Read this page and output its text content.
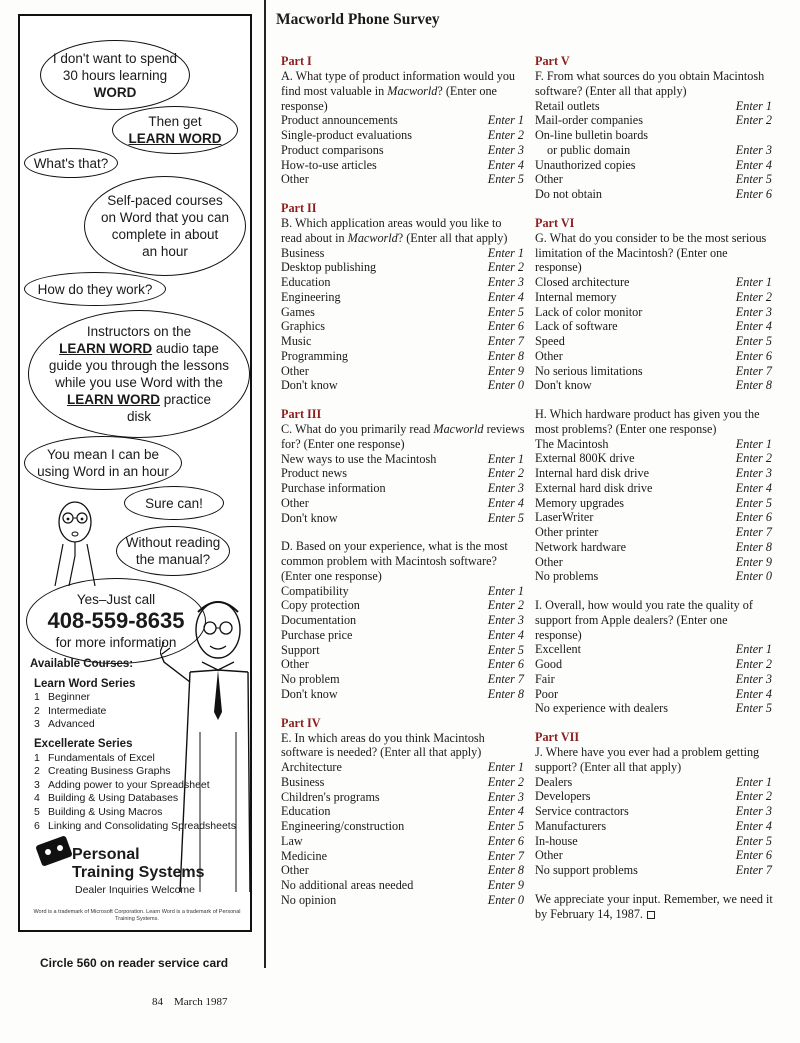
I don't want to spend
30 hours learning
WORD
Then get
LEARN WORD
What's that?
Self-paced courses
on Word that you can
complete in about
an hour
How do they work?
Instructors on the
LEARN WORD audio tape
guide you through the lessons
while you use Word with the
LEARN WORD practice
disk
You mean I can be
using Word in an hour
Sure can!
Without reading
the manual?
Yes–Just call
408-559-8635
for more information
Available Courses:
Learn Word Series
1 Beginner
2 Intermediate
3 Advanced
Excellerate Series
1 Fundamentals of Excel
2 Creating Business Graphs
3 Adding power to your Spreadsheet
4 Building & Using Databases
5 Building & Using Macros
6 Linking and Consolidating Spreadsheets
Personal
Training Systems
Dealer Inquiries Welcome
Word is a trademark of Microsoft Corporation. Learn Word is a trademark of Personal Training Systems.
Circle 560 on reader service card
84 March 1987
Macworld Phone Survey
Part I
A. What type of product information would you find most valuable in Macworld? (Enter one response)
Product announcements	Enter 1
Single-product evaluations	Enter 2
Product comparisons	Enter 3
How-to-use articles	Enter 4
Other	Enter 5
Part II
B. Which application areas would you like to read about in Macworld? (Enter all that apply)
Business	Enter 1
Desktop publishing	Enter 2
Education	Enter 3
Engineering	Enter 4
Games	Enter 5
Graphics	Enter 6
Music	Enter 7
Programming	Enter 8
Other	Enter 9
Don't know	Enter 0
Part III
C. What do you primarily read Macworld reviews for? (Enter one response)
New ways to use the Macintosh	Enter 1
Product news	Enter 2
Purchase information	Enter 3
Other	Enter 4
Don't know	Enter 5
D. Based on your experience, what is the most common problem with Macintosh software? (Enter one response)
Compatibility	Enter 1
Copy protection	Enter 2
Documentation	Enter 3
Purchase price	Enter 4
Support	Enter 5
Other	Enter 6
No problem	Enter 7
Don't know	Enter 8
Part IV
E. In which areas do you think Macintosh software is needed? (Enter all that apply)
Architecture	Enter 1
Business	Enter 2
Children's programs	Enter 3
Education	Enter 4
Engineering/construction	Enter 5
Law	Enter 6
Medicine	Enter 7
Other	Enter 8
No additional areas needed	Enter 9
No opinion	Enter 0
Part V
F. From what sources do you obtain Macintosh software? (Enter all that apply)
Retail outlets	Enter 1
Mail-order companies	Enter 2
On-line bulletin boards
or public domain	Enter 3
Unauthorized copies	Enter 4
Other	Enter 5
Do not obtain	Enter 6
Part VI
G. What do you consider to be the most serious limitation of the Macintosh? (Enter one response)
Closed architecture	Enter 1
Internal memory	Enter 2
Lack of color monitor	Enter 3
Lack of software	Enter 4
Speed	Enter 5
Other	Enter 6
No serious limitations	Enter 7
Don't know	Enter 8
H. Which hardware product has given you the most problems? (Enter one response)
The Macintosh	Enter 1
External 800K drive	Enter 2
Internal hard disk drive	Enter 3
External hard disk drive	Enter 4
Memory upgrades	Enter 5
LaserWriter	Enter 6
Other printer	Enter 7
Network hardware	Enter 8
Other	Enter 9
No problems	Enter 0
I. Overall, how would you rate the quality of support from Apple dealers? (Enter one response)
Excellent	Enter 1
Good	Enter 2
Fair	Enter 3
Poor	Enter 4
No experience with dealers	Enter 5
Part VII
J. Where have you ever had a problem getting support? (Enter all that apply)
Dealers	Enter 1
Developers	Enter 2
Service contractors	Enter 3
Manufacturers	Enter 4
In-house	Enter 5
Other	Enter 6
No support problems	Enter 7
We appreciate your input. Remember, we need it by February 14, 1987.
